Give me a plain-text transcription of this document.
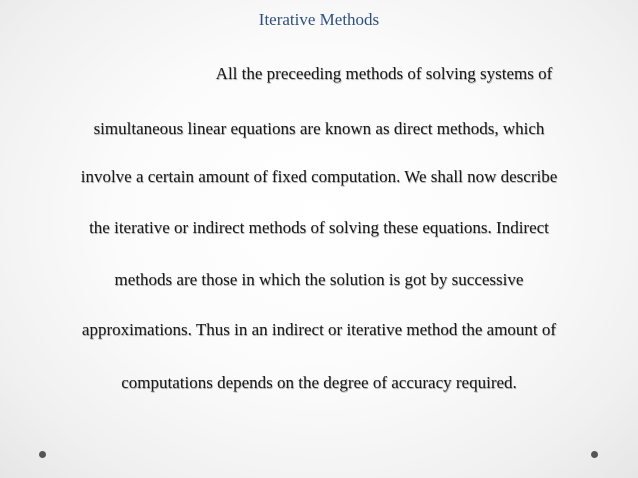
Iterative Methods

All the preceeding methods of solving systems of

simultaneous linear equations are known as direct methods, which

involve a certain amount of fixed computation. We shall now describe

the iterative or indirect methods of solving these equations. Indirect

methods are those in which the solution is got by successive

approximations. Thus in an indirect or iterative method the amount of

computations depends on the degree of accuracy required.
